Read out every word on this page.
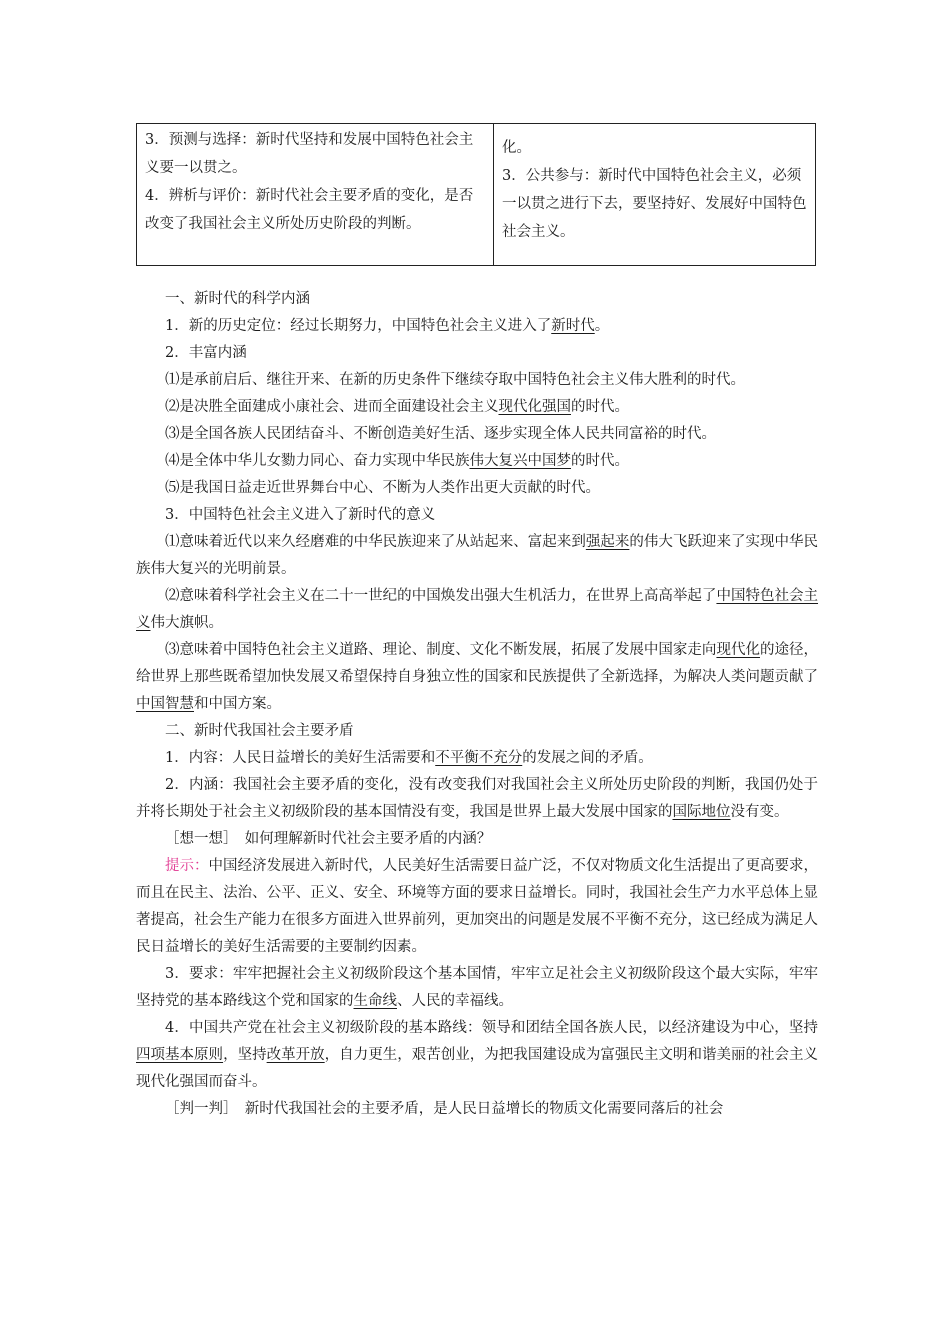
3．预测与选择：新时代坚持和发展中国特色社会主义要一以贯之。
4．辨析与评价：新时代社会主要矛盾的变化，是否改变了我国社会主义所处历史阶段的判断。

化。
3．公共参与：新时代中国特色社会主义，必须一以贯之进行下去，要坚持好、发展好中国特色社会主义。

一、新时代的科学内涵

1．新的历史定位：经过长期努力，中国特色社会主义进入了新时代。

2．丰富内涵

⑴是承前启后、继往开来、在新的历史条件下继续夺取中国特色社会主义伟大胜利的时代。

⑵是决胜全面建成小康社会、进而全面建设社会主义现代化强国的时代。

⑶是全国各族人民团结奋斗、不断创造美好生活、逐步实现全体人民共同富裕的时代。

⑷是全体中华儿女勠力同心、奋力实现中华民族伟大复兴中国梦的时代。

⑸是我国日益走近世界舞台中心、不断为人类作出更大贡献的时代。

3．中国特色社会主义进入了新时代的意义

⑴意味着近代以来久经磨难的中华民族迎来了从站起来、富起来到强起来的伟大飞跃迎来了实现中华民族伟大复兴的光明前景。

⑵意味着科学社会主义在二十一世纪的中国焕发出强大生机活力，在世界上高高举起了中国特色社会主义伟大旗帜。

⑶意味着中国特色社会主义道路、理论、制度、文化不断发展，拓展了发展中国家走向现代化的途径，给世界上那些既希望加快发展又希望保持自身独立性的国家和民族提供了全新选择，为解决人类问题贡献了中国智慧和中国方案。

二、新时代我国社会主要矛盾

1．内容：人民日益增长的美好生活需要和不平衡不充分的发展之间的矛盾。

2．内涵：我国社会主要矛盾的变化，没有改变我们对我国社会主义所处历史阶段的判断，我国仍处于并将长期处于社会主义初级阶段的基本国情没有变，我国是世界上最大发展中国家的国际地位没有变。

［想一想］　如何理解新时代社会主要矛盾的内涵？

提示：中国经济发展进入新时代，人民美好生活需要日益广泛，不仅对物质文化生活提出了更高要求，而且在民主、法治、公平、正义、安全、环境等方面的要求日益增长。同时，我国社会生产力水平总体上显著提高，社会生产能力在很多方面进入世界前列，更加突出的问题是发展不平衡不充分，这已经成为满足人民日益增长的美好生活需要的主要制约因素。

3．要求：牢牢把握社会主义初级阶段这个基本国情，牢牢立足社会主义初级阶段这个最大实际，牢牢坚持党的基本路线这个党和国家的生命线、人民的幸福线。

4．中国共产党在社会主义初级阶段的基本路线：领导和团结全国各族人民，以经济建设为中心，坚持四项基本原则，坚持改革开放，自力更生，艰苦创业，为把我国建设成为富强民主文明和谐美丽的社会主义现代化强国而奋斗。

［判一判］　新时代我国社会的主要矛盾，是人民日益增长的物质文化需要同落后的社会
